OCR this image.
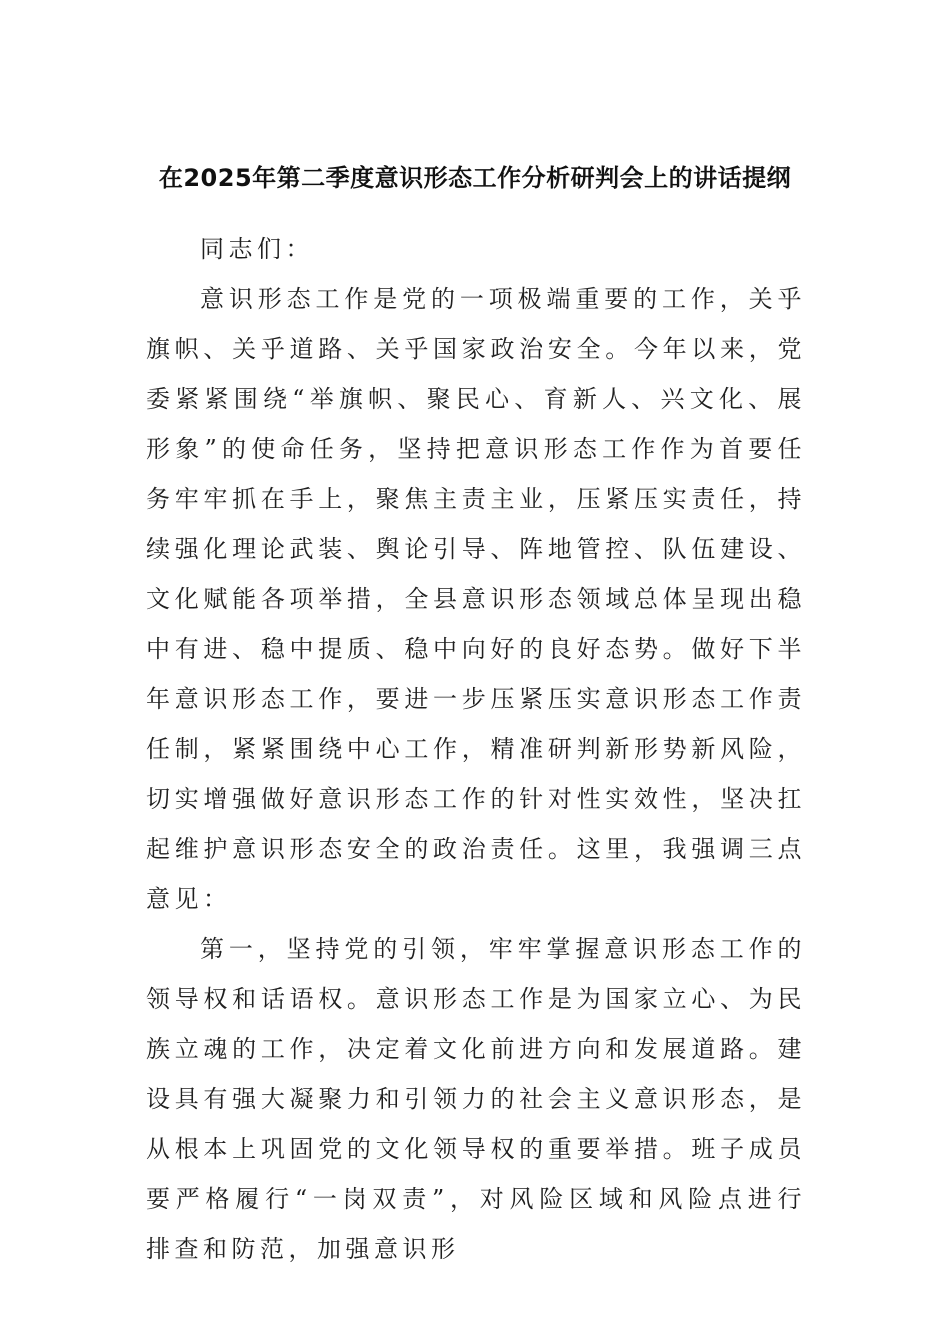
在2025年第二季度意识形态工作分析研判会上的讲话提纲

同志们：

意识形态工作是党的一项极端重要的工作，关乎旗帜、关乎道路、关乎国家政治安全。今年以来，党委紧紧围绕“举旗帜、聚民心、育新人、兴文化、展形象”的使命任务，坚持把意识形态工作作为首要任务牢牢抓在手上，聚焦主责主业，压紧压实责任，持续强化理论武装、舆论引导、阵地管控、队伍建设、文化赋能各项举措，全县意识形态领域总体呈现出稳中有进、稳中提质、稳中向好的良好态势。做好下半年意识形态工作，要进一步压紧压实意识形态工作责任制，紧紧围绕中心工作，精准研判新形势新风险，切实增强做好意识形态工作的针对性实效性，坚决扛起维护意识形态安全的政治责任。这里，我强调三点意见：

第一，坚持党的引领，牢牢掌握意识形态工作的领导权和话语权。意识形态工作是为国家立心、为民族立魂的工作，决定着文化前进方向和发展道路。建设具有强大凝聚力和引领力的社会主义意识形态，是从根本上巩固党的文化领导权的重要举措。班子成员要严格履行“一岗双责”，对风险区域和风险点进行排查和防范，加强意识形
